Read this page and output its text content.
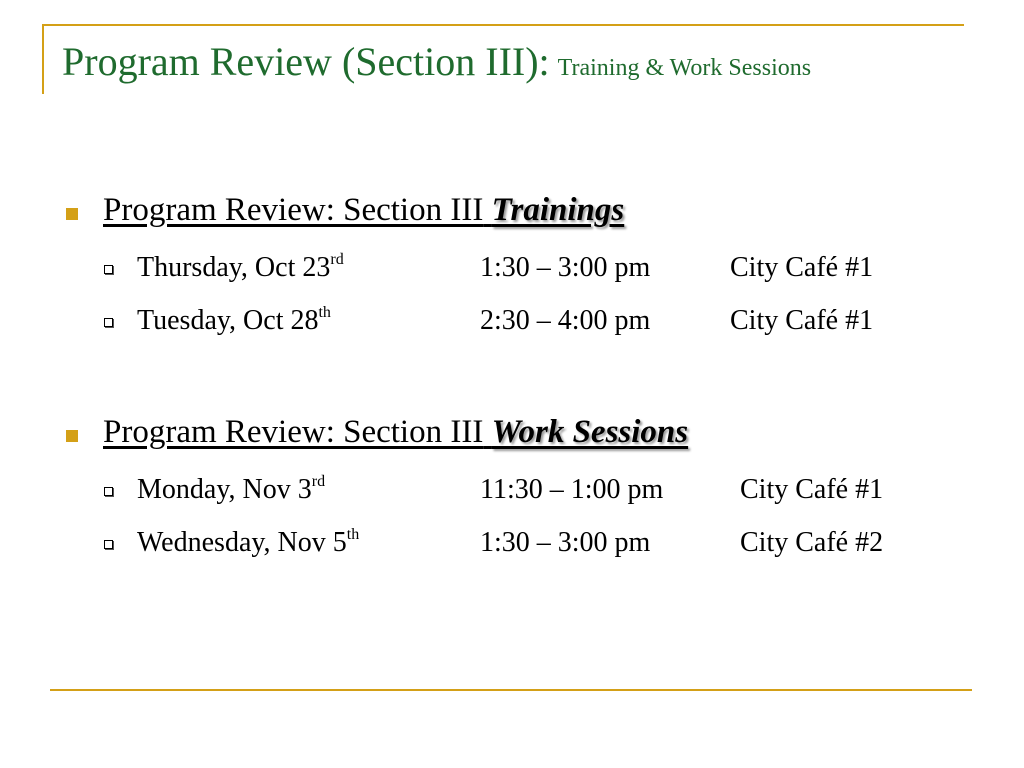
Program Review (Section III): Training & Work Sessions
Program Review: Section III Trainings
Thursday, Oct 23rd	1:30 – 3:00 pm	City Café #1
Tuesday, Oct 28th	2:30 – 4:00 pm	City Café #1
Program Review: Section III Work Sessions
Monday, Nov 3rd	11:30 – 1:00 pm	City Café #1
Wednesday, Nov 5th	1:30 – 3:00 pm	City Café #2
